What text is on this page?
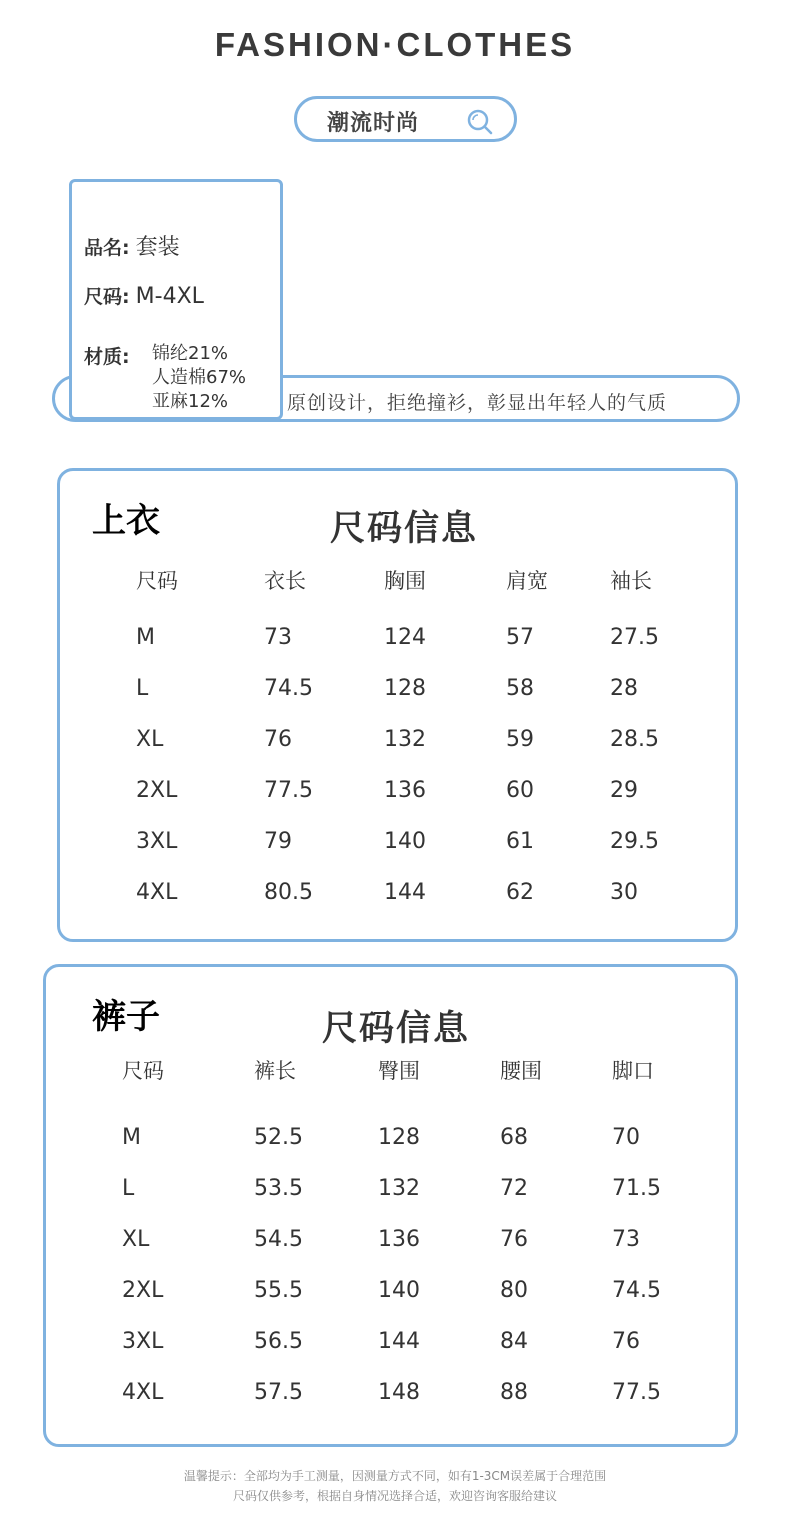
FASHION·CLOTHES
潮流时尚
原创设计，拒绝撞衫，彰显出年轻人的气质
品名: 套装
尺码: M-4XL
材质: 锦纶21%
人造棉67%
亚麻12%
上衣	尺码信息
尺码	衣长	胸围	肩宽	袖长
M	73	124	57	27.5
L	74.5	128	58	28
XL	76	132	59	28.5
2XL	77.5	136	60	29
3XL	79	140	61	29.5
4XL	80.5	144	62	30
裤子	尺码信息
尺码	裤长	臀围	腰围	脚口
M	52.5	128	68	70
L	53.5	132	72	71.5
XL	54.5	136	76	73
2XL	55.5	140	80	74.5
3XL	56.5	144	84	76
4XL	57.5	148	88	77.5
温馨提示：全部均为手工测量，因测量方式不同，如有1-3CM误差属于合理范围
尺码仅供参考，根据自身情况选择合适，欢迎咨询客服给建议
